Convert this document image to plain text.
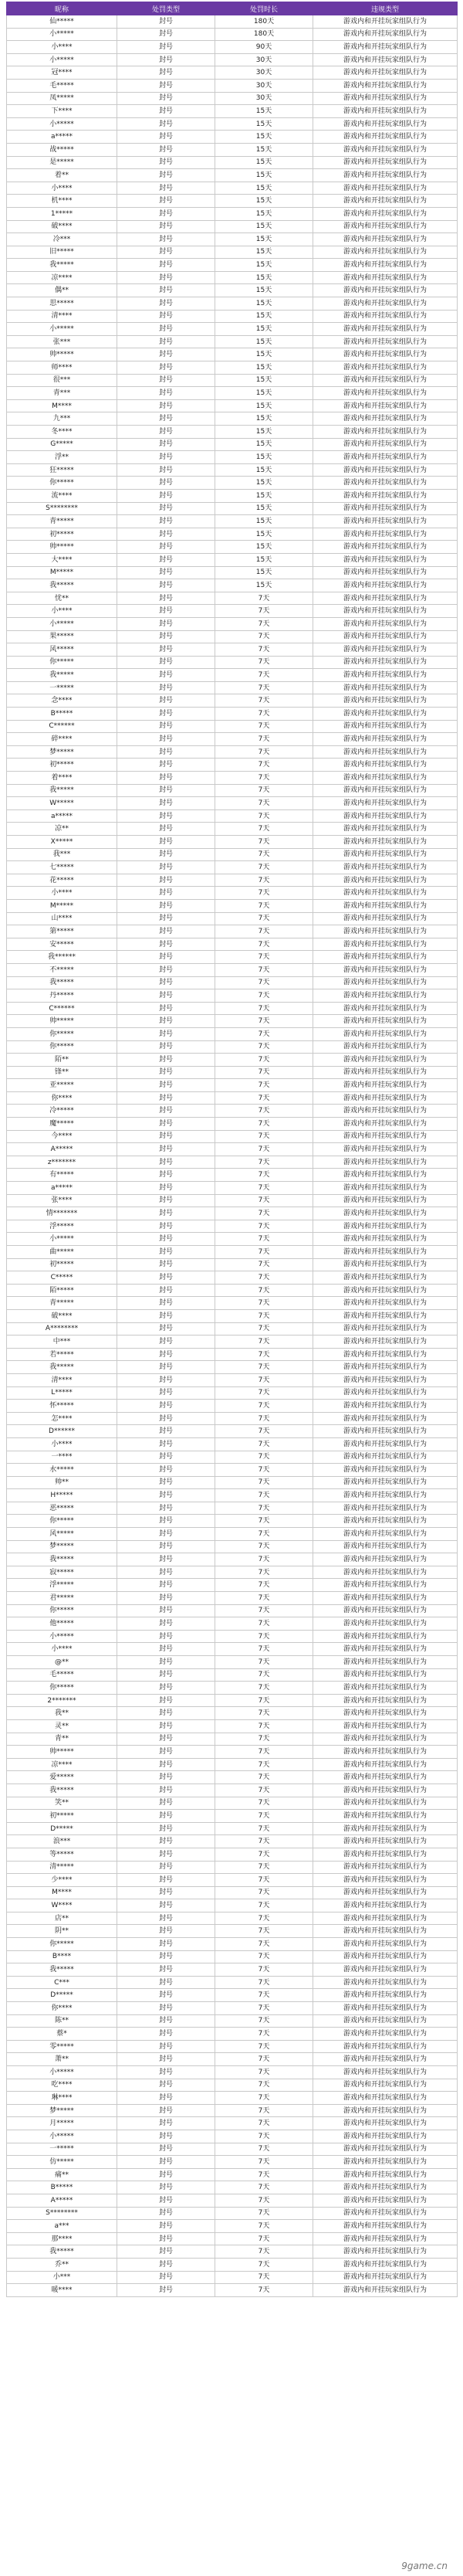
昵称	处罚类型	处罚时长	违规类型
仙*****	封号	180天	游戏内和开挂玩家组队行为
小*****	封号	180天	游戏内和开挂玩家组队行为
小****	封号	90天	游戏内和开挂玩家组队行为
小*****	封号	30天	游戏内和开挂玩家组队行为
冠****	封号	30天	游戏内和开挂玩家组队行为
毛*****	封号	30天	游戏内和开挂玩家组队行为
凤*****	封号	30天	游戏内和开挂玩家组队行为
下****	封号	15天	游戏内和开挂玩家组队行为
小*****	封号	15天	游戏内和开挂玩家组队行为
a*****	封号	15天	游戏内和开挂玩家组队行为
战*****	封号	15天	游戏内和开挂玩家组队行为
是*****	封号	15天	游戏内和开挂玩家组队行为
着**	封号	15天	游戏内和开挂玩家组队行为
小****	封号	15天	游戏内和开挂玩家组队行为
机****	封号	15天	游戏内和开挂玩家组队行为
1*****	封号	15天	游戏内和开挂玩家组队行为
破****	封号	15天	游戏内和开挂玩家组队行为
冷***	封号	15天	游戏内和开挂玩家组队行为
旧*****	封号	15天	游戏内和开挂玩家组队行为
我*****	封号	15天	游戏内和开挂玩家组队行为
凉****	封号	15天	游戏内和开挂玩家组队行为
偶**	封号	15天	游戏内和开挂玩家组队行为
思*****	封号	15天	游戏内和开挂玩家组队行为
清****	封号	15天	游戏内和开挂玩家组队行为
小*****	封号	15天	游戏内和开挂玩家组队行为
张***	封号	15天	游戏内和开挂玩家组队行为
帅*****	封号	15天	游戏内和开挂玩家组队行为
师****	封号	15天	游戏内和开挂玩家组队行为
很***	封号	15天	游戏内和开挂玩家组队行为
青***	封号	15天	游戏内和开挂玩家组队行为
M****	封号	15天	游戏内和开挂玩家组队行为
九***	封号	15天	游戏内和开挂玩家组队行为
冬****	封号	15天	游戏内和开挂玩家组队行为
G*****	封号	15天	游戏内和开挂玩家组队行为
浮**	封号	15天	游戏内和开挂玩家组队行为
狂*****	封号	15天	游戏内和开挂玩家组队行为
你*****	封号	15天	游戏内和开挂玩家组队行为
流****	封号	15天	游戏内和开挂玩家组队行为
S********	封号	15天	游戏内和开挂玩家组队行为
青*****	封号	15天	游戏内和开挂玩家组队行为
初*****	封号	15天	游戏内和开挂玩家组队行为
帅*****	封号	15天	游戏内和开挂玩家组队行为
大****	封号	15天	游戏内和开挂玩家组队行为
M*****	封号	15天	游戏内和开挂玩家组队行为
我*****	封号	15天	游戏内和开挂玩家组队行为
忧**	封号	7天	游戏内和开挂玩家组队行为
小****	封号	7天	游戏内和开挂玩家组队行为
小*****	封号	7天	游戏内和开挂玩家组队行为
果*****	封号	7天	游戏内和开挂玩家组队行为
风*****	封号	7天	游戏内和开挂玩家组队行为
你*****	封号	7天	游戏内和开挂玩家组队行为
我*****	封号	7天	游戏内和开挂玩家组队行为
一*****	封号	7天	游戏内和开挂玩家组队行为
念****	封号	7天	游戏内和开挂玩家组队行为
B*****	封号	7天	游戏内和开挂玩家组队行为
C******	封号	7天	游戏内和开挂玩家组队行为
碎****	封号	7天	游戏内和开挂玩家组队行为
梦*****	封号	7天	游戏内和开挂玩家组队行为
初*****	封号	7天	游戏内和开挂玩家组队行为
着****	封号	7天	游戏内和开挂玩家组队行为
我*****	封号	7天	游戏内和开挂玩家组队行为
W*****	封号	7天	游戏内和开挂玩家组队行为
a*****	封号	7天	游戏内和开挂玩家组队行为
凉**	封号	7天	游戏内和开挂玩家组队行为
X*****	封号	7天	游戏内和开挂玩家组队行为
我***	封号	7天	游戏内和开挂玩家组队行为
七*****	封号	7天	游戏内和开挂玩家组队行为
花*****	封号	7天	游戏内和开挂玩家组队行为
小****	封号	7天	游戏内和开挂玩家组队行为
M*****	封号	7天	游戏内和开挂玩家组队行为
山****	封号	7天	游戏内和开挂玩家组队行为
第*****	封号	7天	游戏内和开挂玩家组队行为
安*****	封号	7天	游戏内和开挂玩家组队行为
我******	封号	7天	游戏内和开挂玩家组队行为
不*****	封号	7天	游戏内和开挂玩家组队行为
我*****	封号	7天	游戏内和开挂玩家组队行为
丹*****	封号	7天	游戏内和开挂玩家组队行为
C******	封号	7天	游戏内和开挂玩家组队行为
帅*****	封号	7天	游戏内和开挂玩家组队行为
你*****	封号	7天	游戏内和开挂玩家组队行为
你*****	封号	7天	游戏内和开挂玩家组队行为
陌**	封号	7天	游戏内和开挂玩家组队行为
锋**	封号	7天	游戏内和开挂玩家组队行为
亚*****	封号	7天	游戏内和开挂玩家组队行为
你****	封号	7天	游戏内和开挂玩家组队行为
冷*****	封号	7天	游戏内和开挂玩家组队行为
魔*****	封号	7天	游戏内和开挂玩家组队行为
今****	封号	7天	游戏内和开挂玩家组队行为
A*****	封号	7天	游戏内和开挂玩家组队行为
z*******	封号	7天	游戏内和开挂玩家组队行为
有*****	封号	7天	游戏内和开挂玩家组队行为
a*****	封号	7天	游戏内和开挂玩家组队行为
张****	封号	7天	游戏内和开挂玩家组队行为
情*******	封号	7天	游戏内和开挂玩家组队行为
浮*****	封号	7天	游戏内和开挂玩家组队行为
小*****	封号	7天	游戏内和开挂玩家组队行为
曲*****	封号	7天	游戏内和开挂玩家组队行为
初*****	封号	7天	游戏内和开挂玩家组队行为
C*****	封号	7天	游戏内和开挂玩家组队行为
陌*****	封号	7天	游戏内和开挂玩家组队行为
青*****	封号	7天	游戏内和开挂玩家组队行为
破****	封号	7天	游戏内和开挂玩家组队行为
A********	封号	7天	游戏内和开挂玩家组队行为
中***	封号	7天	游戏内和开挂玩家组队行为
若*****	封号	7天	游戏内和开挂玩家组队行为
我*****	封号	7天	游戏内和开挂玩家组队行为
清****	封号	7天	游戏内和开挂玩家组队行为
L*****	封号	7天	游戏内和开挂玩家组队行为
怀*****	封号	7天	游戏内和开挂玩家组队行为
怎****	封号	7天	游戏内和开挂玩家组队行为
D******	封号	7天	游戏内和开挂玩家组队行为
小****	封号	7天	游戏内和开挂玩家组队行为
一****	封号	7天	游戏内和开挂玩家组队行为
水*****	封号	7天	游戏内和开挂玩家组队行为
帅**	封号	7天	游戏内和开挂玩家组队行为
H*****	封号	7天	游戏内和开挂玩家组队行为
恶*****	封号	7天	游戏内和开挂玩家组队行为
你*****	封号	7天	游戏内和开挂玩家组队行为
风*****	封号	7天	游戏内和开挂玩家组队行为
梦*****	封号	7天	游戏内和开挂玩家组队行为
我*****	封号	7天	游戏内和开挂玩家组队行为
寂*****	封号	7天	游戏内和开挂玩家组队行为
浮*****	封号	7天	游戏内和开挂玩家组队行为
君*****	封号	7天	游戏内和开挂玩家组队行为
你*****	封号	7天	游戏内和开挂玩家组队行为
他*****	封号	7天	游戏内和开挂玩家组队行为
小*****	封号	7天	游戏内和开挂玩家组队行为
小****	封号	7天	游戏内和开挂玩家组队行为
@**	封号	7天	游戏内和开挂玩家组队行为
毛*****	封号	7天	游戏内和开挂玩家组队行为
你*****	封号	7天	游戏内和开挂玩家组队行为
2*******	封号	7天	游戏内和开挂玩家组队行为
我**	封号	7天	游戏内和开挂玩家组队行为
灵**	封号	7天	游戏内和开挂玩家组队行为
青**	封号	7天	游戏内和开挂玩家组队行为
帅*****	封号	7天	游戏内和开挂玩家组队行为
凉****	封号	7天	游戏内和开挂玩家组队行为
爱*****	封号	7天	游戏内和开挂玩家组队行为
我*****	封号	7天	游戏内和开挂玩家组队行为
笑**	封号	7天	游戏内和开挂玩家组队行为
初*****	封号	7天	游戏内和开挂玩家组队行为
D*****	封号	7天	游戏内和开挂玩家组队行为
浪***	封号	7天	游戏内和开挂玩家组队行为
等*****	封号	7天	游戏内和开挂玩家组队行为
清*****	封号	7天	游戏内和开挂玩家组队行为
少****	封号	7天	游戏内和开挂玩家组队行为
M****	封号	7天	游戏内和开挂玩家组队行为
W****	封号	7天	游戏内和开挂玩家组队行为
店**	封号	7天	游戏内和开挂玩家组队行为
阴**	封号	7天	游戏内和开挂玩家组队行为
你*****	封号	7天	游戏内和开挂玩家组队行为
B****	封号	7天	游戏内和开挂玩家组队行为
我*****	封号	7天	游戏内和开挂玩家组队行为
C***	封号	7天	游戏内和开挂玩家组队行为
D*****	封号	7天	游戏内和开挂玩家组队行为
你****	封号	7天	游戏内和开挂玩家组队行为
陈**	封号	7天	游戏内和开挂玩家组队行为
蔡*	封号	7天	游戏内和开挂玩家组队行为
零*****	封号	7天	游戏内和开挂玩家组队行为
萧**	封号	7天	游戏内和开挂玩家组队行为
小*****	封号	7天	游戏内和开挂玩家组队行为
吃****	封号	7天	游戏内和开挂玩家组队行为
琳****	封号	7天	游戏内和开挂玩家组队行为
梦*****	封号	7天	游戏内和开挂玩家组队行为
月*****	封号	7天	游戏内和开挂玩家组队行为
小*****	封号	7天	游戏内和开挂玩家组队行为
一*****	封号	7天	游戏内和开挂玩家组队行为
仿*****	封号	7天	游戏内和开挂玩家组队行为
痛**	封号	7天	游戏内和开挂玩家组队行为
B*****	封号	7天	游戏内和开挂玩家组队行为
A*****	封号	7天	游戏内和开挂玩家组队行为
S********	封号	7天	游戏内和开挂玩家组队行为
a***	封号	7天	游戏内和开挂玩家组队行为
那****	封号	7天	游戏内和开挂玩家组队行为
我*****	封号	7天	游戏内和开挂玩家组队行为
乔**	封号	7天	游戏内和开挂玩家组队行为
小***	封号	7天	游戏内和开挂玩家组队行为
暖****	封号	7天	游戏内和开挂玩家组队行为
9game.cn
